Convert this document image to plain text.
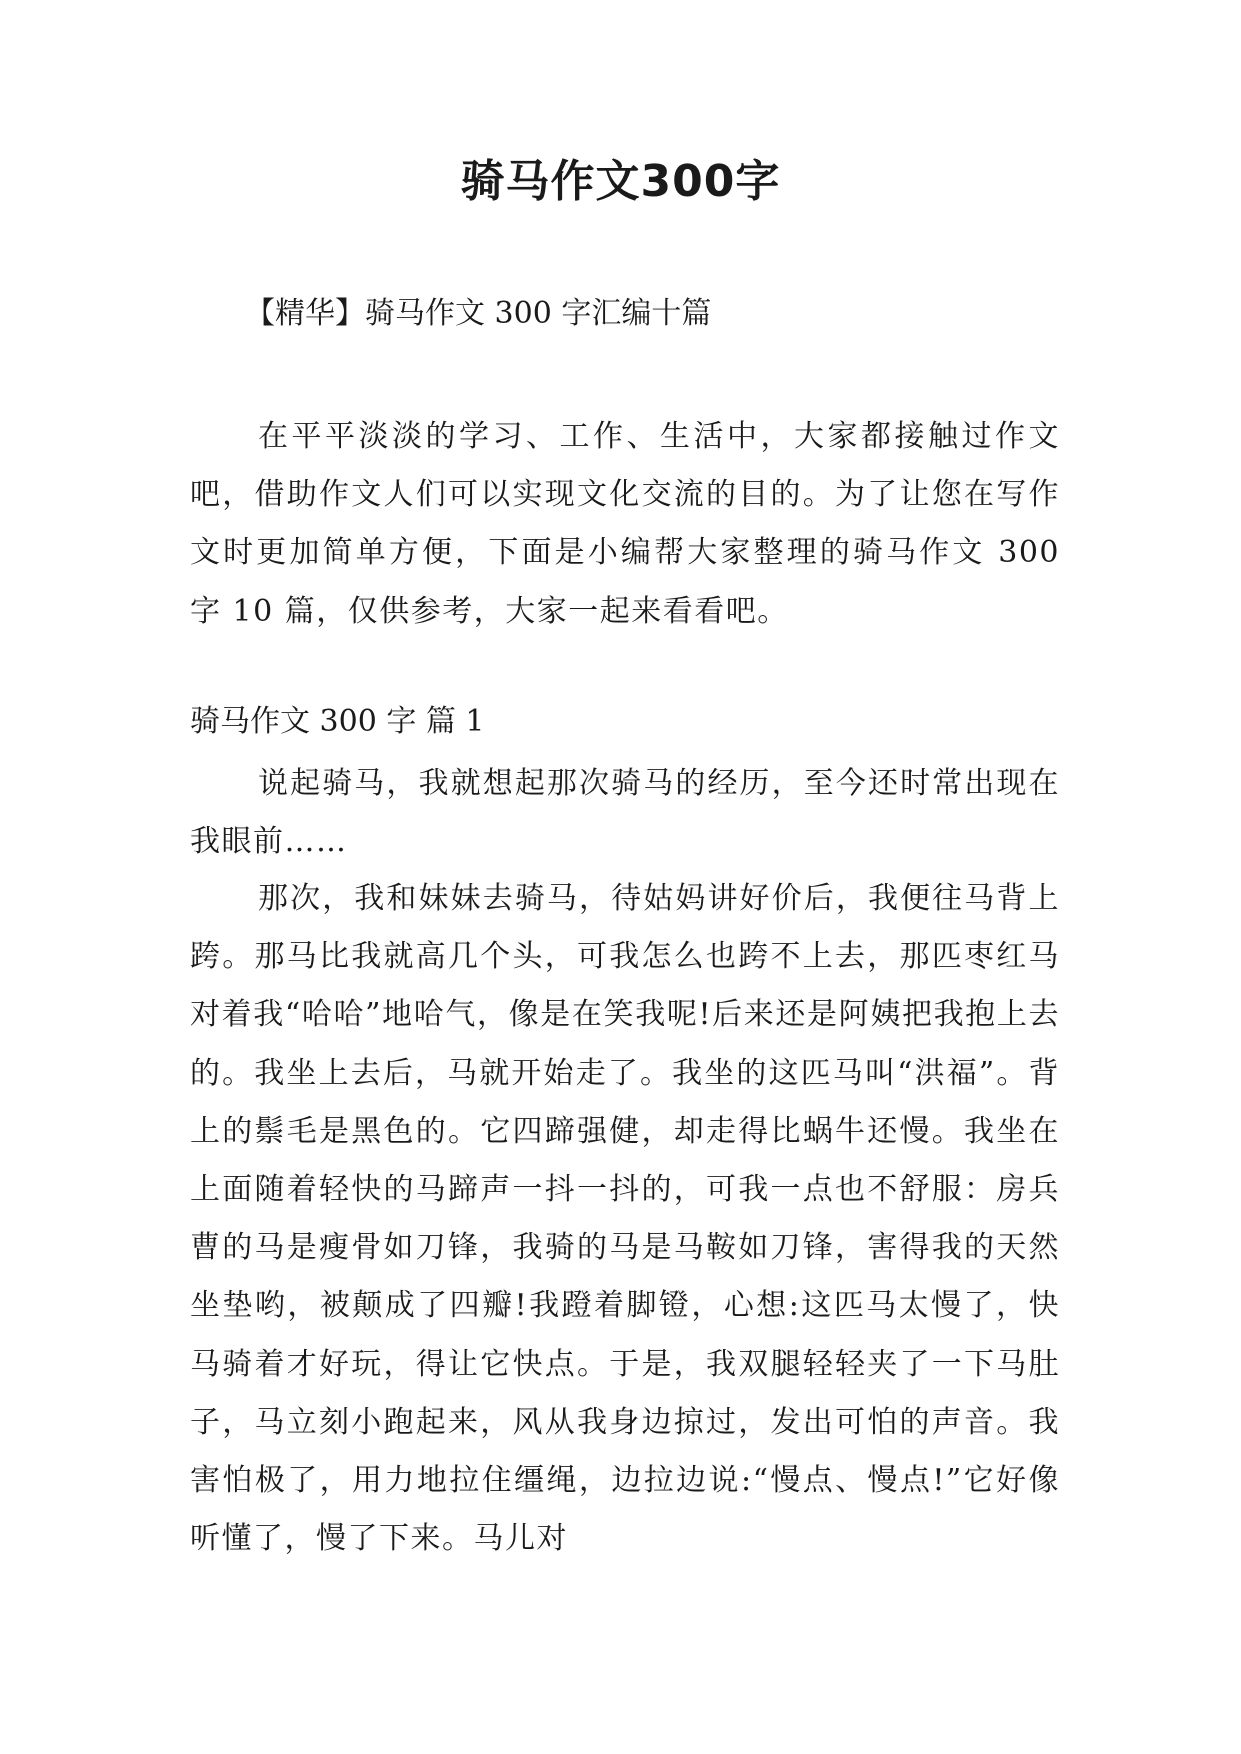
骑马作文300字

【精华】骑马作文 300 字汇编十篇

在平平淡淡的学习、工作、生活中，大家都接触过作文吧，借助作文人们可以实现文化交流的目的。为了让您在写作文时更加简单方便，下面是小编帮大家整理的骑马作文 300 字 10 篇，仅供参考，大家一起来看看吧。

骑马作文 300 字 篇 1

说起骑马，我就想起那次骑马的经历，至今还时常出现在我眼前……

那次，我和妹妹去骑马，待姑妈讲好价后，我便往马背上跨。那马比我就高几个头，可我怎么也跨不上去，那匹枣红马对着我“哈哈”地哈气，像是在笑我呢!后来还是阿姨把我抱上去的。我坐上去后，马就开始走了。我坐的这匹马叫“洪福”。背上的鬃毛是黑色的。它四蹄强健，却走得比蜗牛还慢。我坐在上面随着轻快的马蹄声一抖一抖的，可我一点也不舒服：房兵曹的马是瘦骨如刀锋，我骑的马是马鞍如刀锋，害得我的天然坐垫哟，被颠成了四瓣!我蹬着脚镫，心想:这匹马太慢了，快马骑着才好玩，得让它快点。于是，我双腿轻轻夹了一下马肚子，马立刻小跑起来，风从我身边掠过，发出可怕的声音。我害怕极了，用力地拉住缰绳，边拉边说:“慢点、慢点!”它好像听懂了，慢了下来。马儿对
